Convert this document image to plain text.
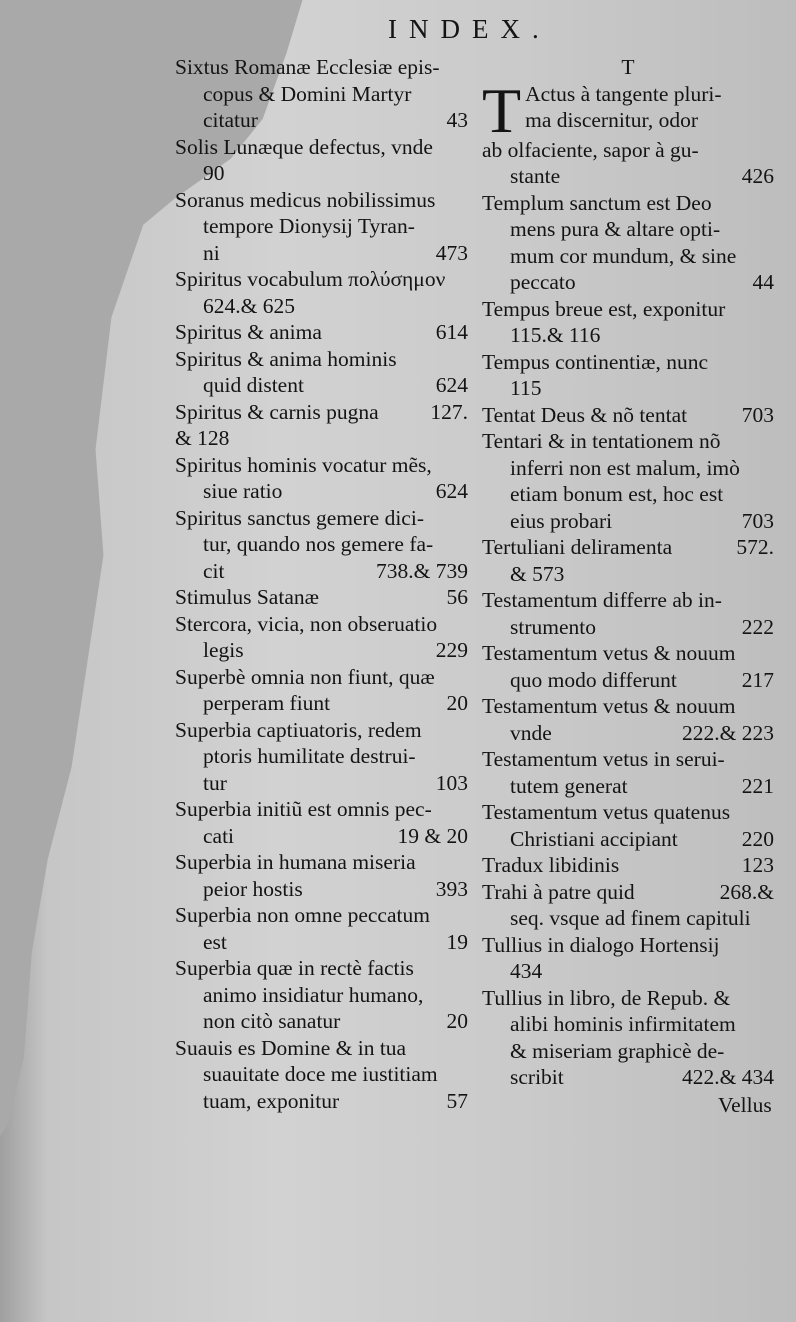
INDEX.
Sixtus Romanæ Ecclesiæ epis-
copus & Domini Martyr
citatur	43
Solis Lunæque defectus, vnde
90
Soranus medicus nobilissimus
tempore Dionysij Tyran-
ni	473
Spiritus vocabulum πολύσημον
624.& 625
Spiritus & anima	614
Spiritus & anima hominis
quid distent	624
Spiritus & carnis pugna 127.
& 128
Spiritus hominis vocatur mẽs,
siue ratio	624
Spiritus sanctus gemere dici-
tur, quando nos gemere fa-
cit	738.& 739
Stimulus Satanæ	56
Stercora, vicia, non obseruatio
legis	229
Superbè omnia non fiunt, quæ
perperam fiunt	20
Superbia captiuatoris, redem
ptoris humilitate destrui-
tur	103
Superbia initiũ est omnis pec-
cati	19 & 20
Superbia in humana miseria
peior hostis	393
Superbia non omne peccatum
est	19
Superbia quæ in rectè factis
animo insidiatur humano,
non citò sanatur	20
Suauis es Domine & in tua
suauitate doce me iustitiam
tuam, exponitur	57

T

T Actus à tangente pluri-
ma discernitur, odor
ab olfaciente, sapor à gu-
stante	426
Templum sanctum est Deo
mens pura & altare opti-
mum cor mundum, & sine
peccato	44
Tempus breue est, exponitur
115.& 116
Tempus continentiæ, nunc
115
Tentat Deus & nõ tentat	703
Tentari & in tentationem nõ
inferri non est malum, imò
etiam bonum est, hoc est
eius probari	703
Tertuliani deliramenta	572.
& 573
Testamentum differre ab in-
strumento	222
Testamentum vetus & nouum
quo modo differunt	217
Testamentum vetus & nouum
vnde	222.& 223
Testamentum vetus in serui-
tutem generat	221
Testamentum vetus quatenus
Christiani accipiant	220
Tradux libidinis	123
Trahi à patre quid	268.&
seq. vsque ad finem capituli
Tullius in dialogo Hortensij
434
Tullius in libro, de Repub. &
alibi hominis infirmitatem
& miseriam graphicè de-
scribit	422.& 434
Vellus
